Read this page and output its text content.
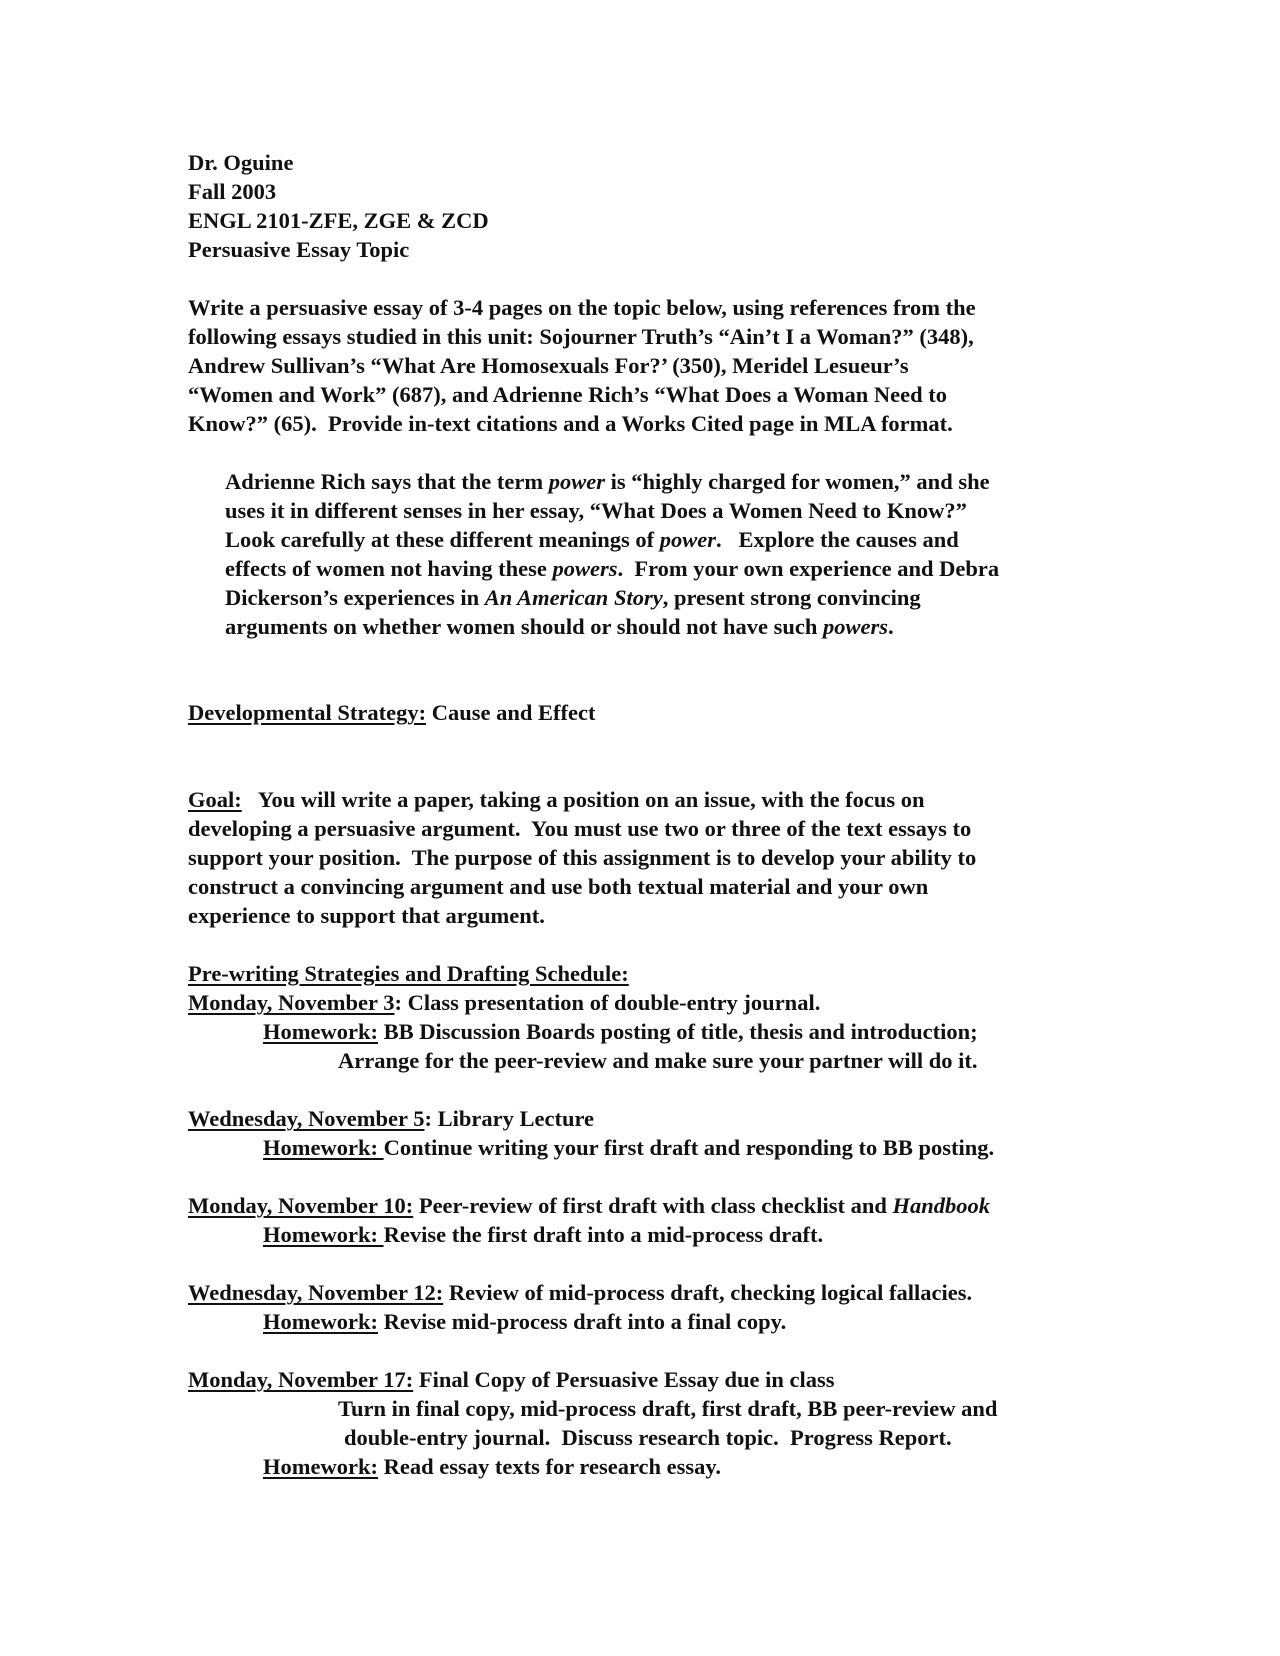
Dr. Oguine
Fall 2003
ENGL 2101-ZFE, ZGE & ZCD
Persuasive Essay Topic
Write a persuasive essay of 3-4 pages on the topic below, using references from the
following essays studied in this unit: Sojourner Truth’s “Ain’t I a Woman?” (348),
Andrew Sullivan’s “What Are Homosexuals For?’ (350), Meridel Lesueur’s
“Women and Work” (687), and Adrienne Rich’s “What Does a Woman Need to
Know?” (65).  Provide in-text citations and a Works Cited page in MLA format.
Adrienne Rich says that the term power is “highly charged for women,” and she
uses it in different senses in her essay, “What Does a Women Need to Know?”
Look carefully at these different meanings of power.   Explore the causes and
effects of women not having these powers.  From your own experience and Debra
Dickerson’s experiences in An American Story, present strong convincing
arguments on whether women should or should not have such powers.
Developmental Strategy: Cause and Effect
Goal:   You will write a paper, taking a position on an issue, with the focus on
developing a persuasive argument.  You must use two or three of the text essays to
support your position.  The purpose of this assignment is to develop your ability to
construct a convincing argument and use both textual material and your own
experience to support that argument.
Pre-writing Strategies and Drafting Schedule:
Monday, November 3: Class presentation of double-entry journal.
Homework: BB Discussion Boards posting of title, thesis and introduction;
Arrange for the peer-review and make sure your partner will do it.
Wednesday, November 5: Library Lecture
Homework: Continue writing your first draft and responding to BB posting.
Monday, November 10: Peer-review of first draft with class checklist and Handbook
Homework: Revise the first draft into a mid-process draft.
Wednesday, November 12: Review of mid-process draft, checking logical fallacies.
Homework: Revise mid-process draft into a final copy.
Monday, November 17: Final Copy of Persuasive Essay due in class
Turn in final copy, mid-process draft, first draft, BB peer-review and
double-entry journal.  Discuss research topic.  Progress Report.
Homework: Read essay texts for research essay.
